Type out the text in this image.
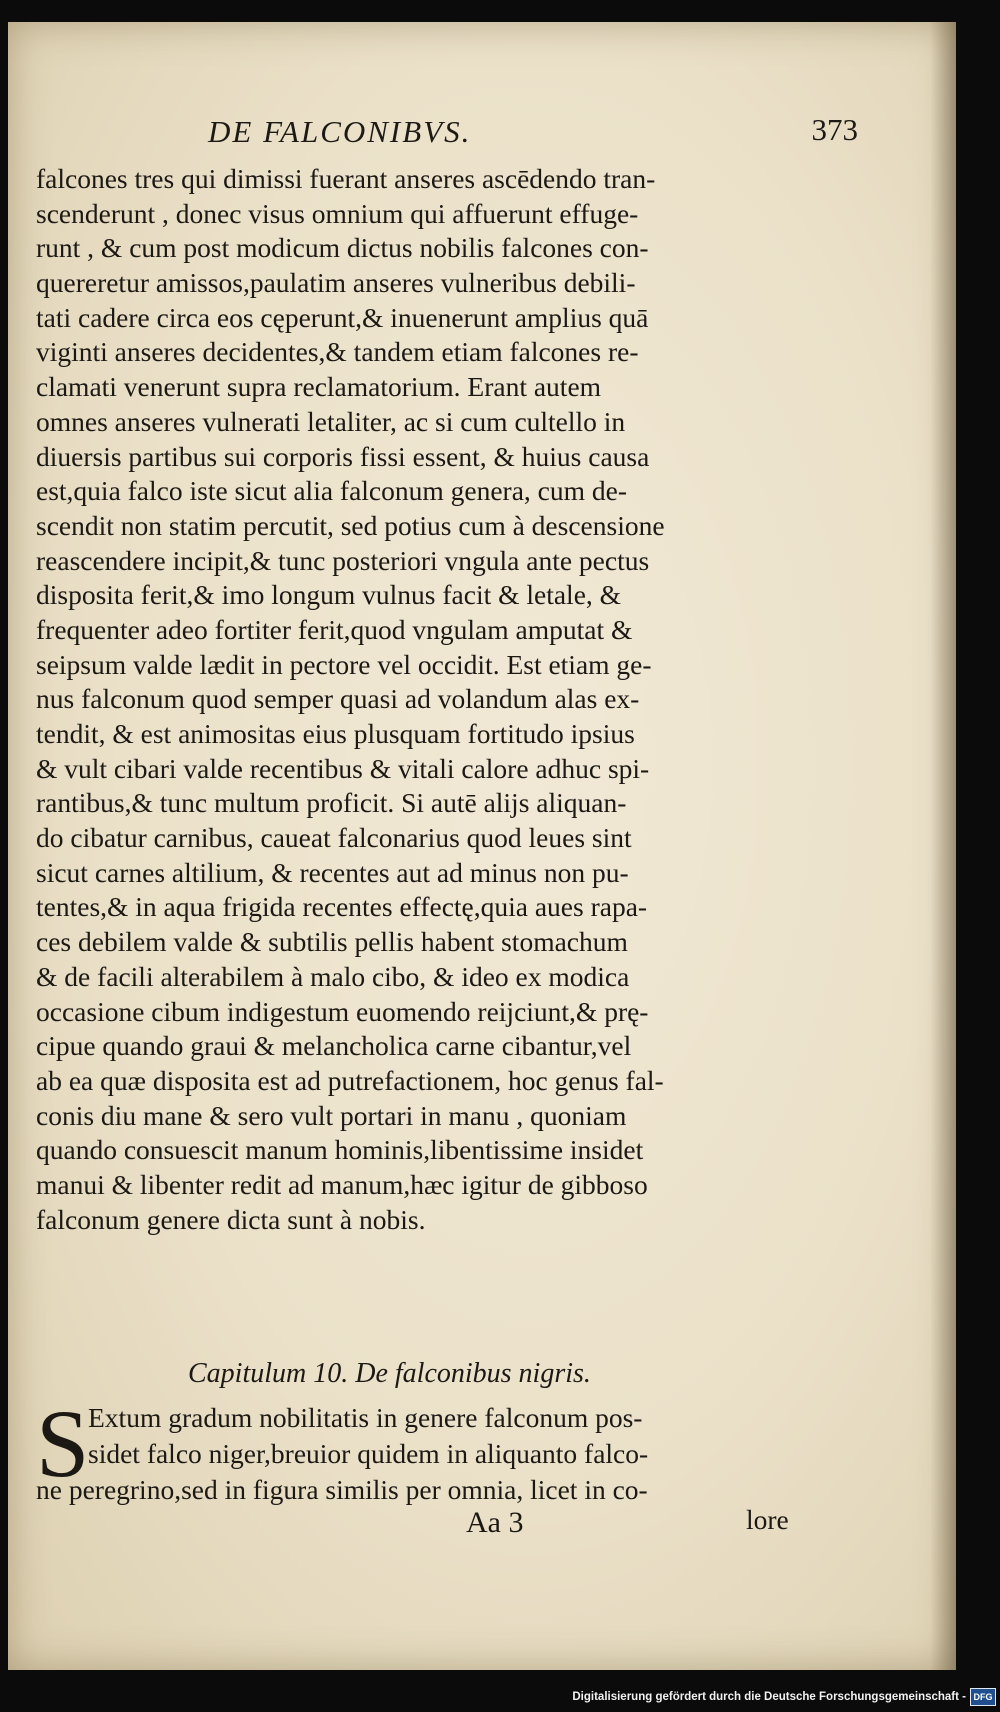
DE FALCONIBVS.	373
falcones tres qui dimissi fuerant anseres ascēdendo tran-
scenderunt , donec visus omnium qui affuerunt effuge-
runt , & cum post modicum dictus nobilis falcones con-
quereretur amissos,paulatim anseres vulneribus debili-
tati cadere circa eos cęperunt,& inuenerunt amplius quā
viginti anseres decidentes,& tandem etiam falcones re-
clamati venerunt supra reclamatorium. Erant autem
omnes anseres vulnerati letaliter, ac si cum cultello in
diuersis partibus sui corporis fissi essent, & huius causa
est,quia falco iste sicut alia falconum genera, cum de-
scendit non statim percutit, sed potius cum à descensione
reascendere incipit,& tunc posteriori vngula ante pectus
disposita ferit,& imo longum vulnus facit & letale, &
frequenter adeo fortiter ferit,quod vngulam amputat &
seipsum valde lædit in pectore vel occidit. Est etiam ge-
nus falconum quod semper quasi ad volandum alas ex-
tendit, & est animositas eius plusquam fortitudo ipsius
& vult cibari valde recentibus & vitali calore adhuc spi-
rantibus,& tunc multum proficit. Si autē alijs aliquan-
do cibatur carnibus, caueat falconarius quod leues sint
sicut carnes altilium, & recentes aut ad minus non pu-
tentes,& in aqua frigida recentes effectę,quia aues rapa-
ces debilem valde & subtilis pellis habent stomachum
& de facili alterabilem à malo cibo, & ideo ex modica
occasione cibum indigestum euomendo reijciunt,& prę-
cipue quando graui & melancholica carne cibantur,vel
ab ea quæ disposita est ad putrefactionem, hoc genus fal-
conis diu mane & sero vult portari in manu , quoniam
quando consuescit manum hominis,libentissime insidet
manui & libenter redit ad manum,hæc igitur de gibboso
falconum genere dicta sunt à nobis.
Capitulum 10. De falconibus nigris.
S
Extum gradum nobilitatis in genere falconum pos-
sidet falco niger,breuior quidem in aliquanto falco-
ne peregrino,sed in figura similis per omnia, licet in co-
Aa 3	lore
Digitalisierung gefördert durch die Deutsche Forschungsgemeinschaft - DFG
